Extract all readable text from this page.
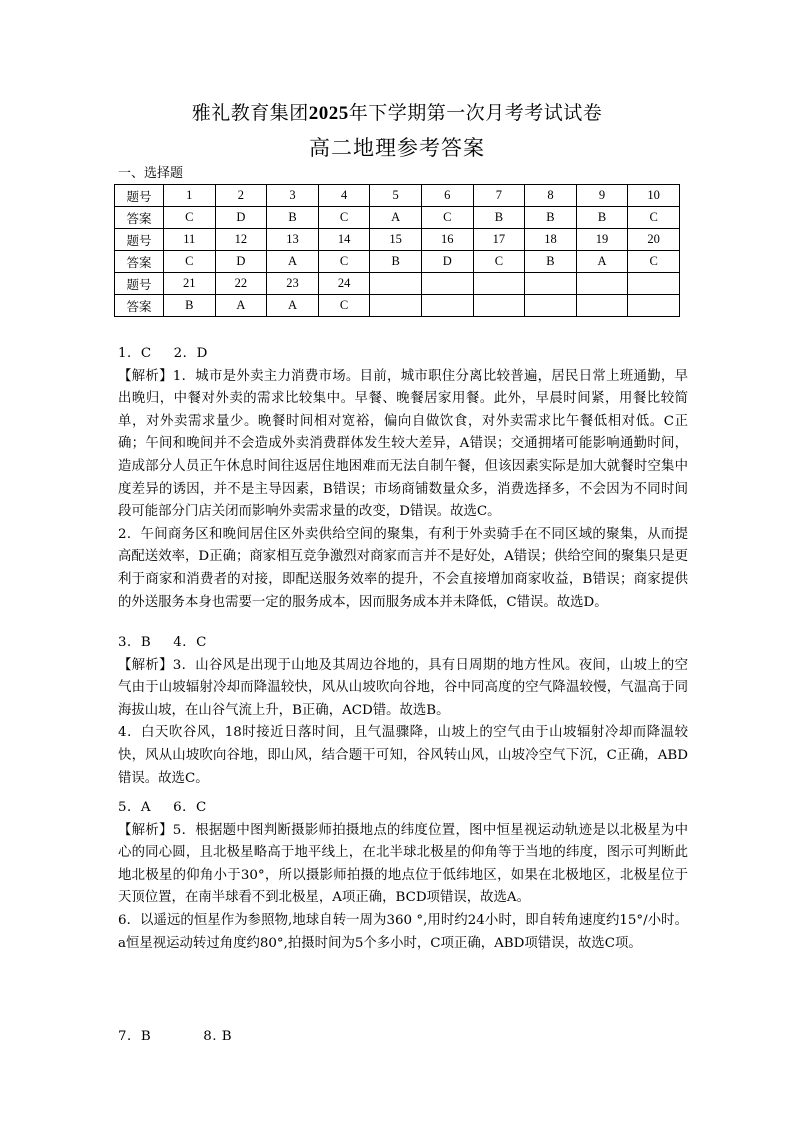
雅礼教育集团2025年下学期第一次月考考试试卷
高二地理参考答案
一、选择题
题号	1	2	3	4	5	6	7	8	9	10
答案	C	D	B	C	A	C	B	B	B	C
题号	11	12	13	14	15	16	17	18	19	20
答案	C	D	A	C	B	D	C	B	A	C
题号	21	22	23	24						
答案	B	A	A	C						
1．C 2．D

【解析】1．城市是外卖主力消费市场。目前，城市职住分离比较普遍，居民日常上班通勤，早出晚归，中餐对外卖的需求比较集中。早餐、晚餐居家用餐。此外，早晨时间紧，用餐比较简单，对外卖需求量少。晚餐时间相对宽裕，偏向自做饮食，对外卖需求比午餐低相对低。C正确；午间和晚间并不会造成外卖消费群体发生较大差异，A错误；交通拥堵可能影响通勤时间，造成部分人员正午休息时间往返居住地困难而无法自制午餐，但该因素实际是加大就餐时空集中度差异的诱因，并不是主导因素，B错误；市场商铺数量众多，消费选择多，不会因为不同时间段可能部分门店关闭而影响外卖需求量的改变，D错误。故选C。

2．午间商务区和晚间居住区外卖供给空间的聚集，有利于外卖骑手在不同区域的聚集，从而提高配送效率，D正确；商家相互竞争激烈对商家而言并不是好处，A错误；供给空间的聚集只是更利于商家和消费者的对接，即配送服务效率的提升，不会直接增加商家收益，B错误；商家提供的外送服务本身也需要一定的服务成本，因而服务成本并未降低，C错误。故选D。

3．B 4．C

【解析】3．山谷风是出现于山地及其周边谷地的，具有日周期的地方性风。夜间，山坡上的空气由于山坡辐射冷却而降温较快，风从山坡吹向谷地，谷中同高度的空气降温较慢，气温高于同海拔山坡，在山谷气流上升，B正确，ACD错。故选B。

4．白天吹谷风，18时接近日落时间，且气温骤降，山坡上的空气由于山坡辐射冷却而降温较快，风从山坡吹向谷地，即山风，结合题干可知，谷风转山风，山坡冷空气下沉，C正确，ABD错误。故选C。

5．A 6．C

【解析】5．根据题中图判断摄影师拍摄地点的纬度位置，图中恒星视运动轨迹是以北极星为中心的同心圆，且北极星略高于地平线上，在北半球北极星的仰角等于当地的纬度，图示可判断此地北极星的仰角小于30°，所以摄影师拍摄的地点位于低纬地区，如果在北极地区，北极星位于天顶位置，在南半球看不到北极星，A项正确，BCD项错误，故选A。

6．以遥远的恒星作为参照物,地球自转一周为360 °,用时约24小时，即自转角速度约15°/小时。a恒星视运动转过角度约80°,拍摄时间为5个多小时，C项正确，ABD项错误，故选C项。

7．B	8. B
